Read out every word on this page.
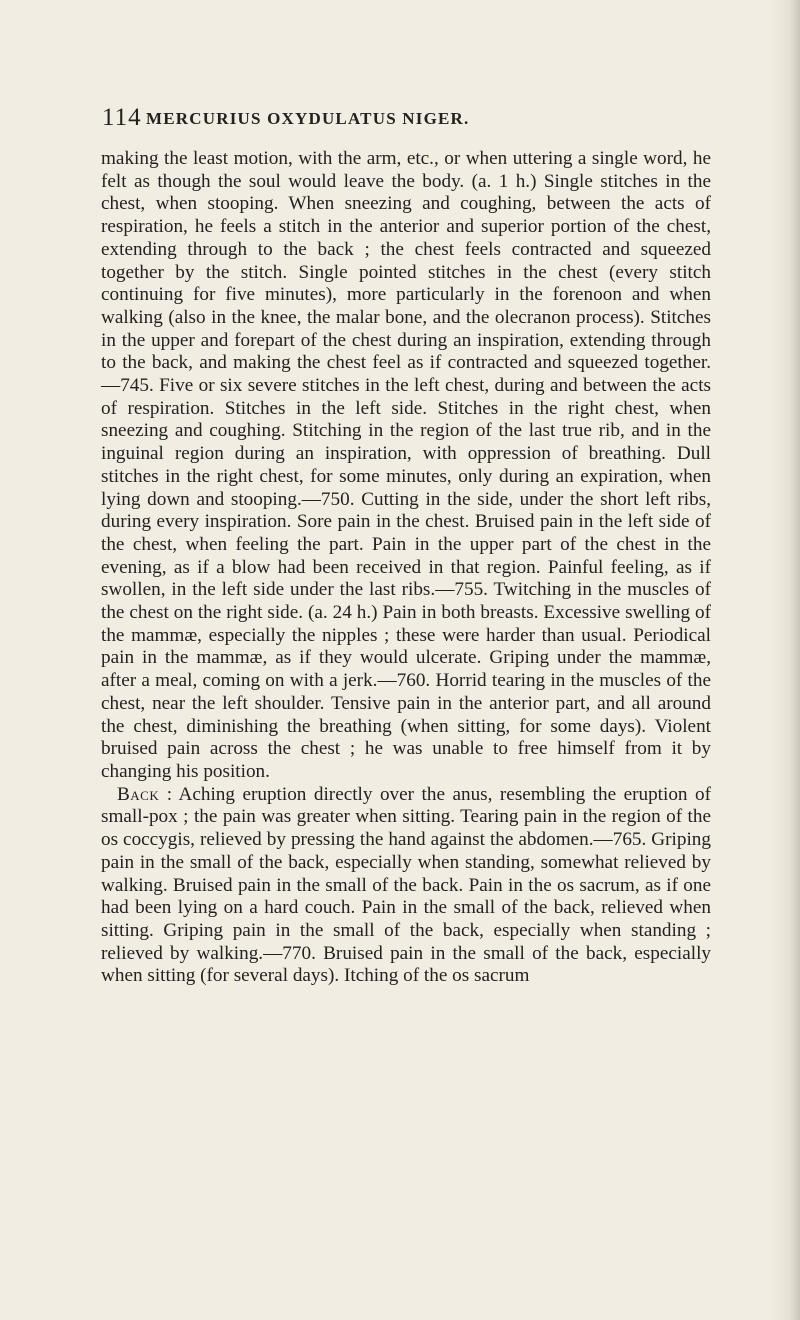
114 MERCURIUS OXYDULATUS NIGER.

making the least motion, with the arm, etc., or when uttering a single word, he felt as though the soul would leave the body. (a. 1 h.) Single stitches in the chest, when stooping. When sneezing and coughing, between the acts of respiration, he feels a stitch in the anterior and superior portion of the chest, extending through to the back ; the chest feels contracted and squeezed together by the stitch. Single pointed stitches in the chest (every stitch continuing for five minutes), more particularly in the forenoon and when walking (also in the knee, the malar bone, and the olecranon process). Stitches in the upper and forepart of the chest during an inspiration, extending through to the back, and making the chest feel as if contracted and squeezed together.—745. Five or six severe stitches in the left chest, during and between the acts of respiration. Stitches in the left side. Stitches in the right chest, when sneezing and coughing. Stitching in the region of the last true rib, and in the inguinal region during an inspiration, with oppression of breathing. Dull stitches in the right chest, for some minutes, only during an expiration, when lying down and stooping.—750. Cutting in the side, under the short left ribs, during every inspiration. Sore pain in the chest. Bruised pain in the left side of the chest, when feeling the part. Pain in the upper part of the chest in the evening, as if a blow had been received in that region. Painful feeling, as if swollen, in the left side under the last ribs.—755. Twitching in the muscles of the chest on the right side. (a. 24 h.) Pain in both breasts. Excessive swelling of the mammæ, especially the nipples ; these were harder than usual. Periodical pain in the mammæ, as if they would ulcerate. Griping under the mammæ, after a meal, coming on with a jerk.—760. Horrid tearing in the muscles of the chest, near the left shoulder. Tensive pain in the anterior part, and all around the chest, diminishing the breathing (when sitting, for some days). Violent bruised pain across the chest ; he was unable to free himself from it by changing his position.

Back : Aching eruption directly over the anus, resembling the eruption of small-pox ; the pain was greater when sitting. Tearing pain in the region of the os coccygis, relieved by pressing the hand against the abdomen.—765. Griping pain in the small of the back, especially when standing, somewhat relieved by walking. Bruised pain in the small of the back. Pain in the os sacrum, as if one had been lying on a hard couch. Pain in the small of the back, relieved when sitting. Griping pain in the small of the back, especially when standing ; relieved by walking.—770. Bruised pain in the small of the back, especially when sitting (for several days). Itching of the os sacrum
